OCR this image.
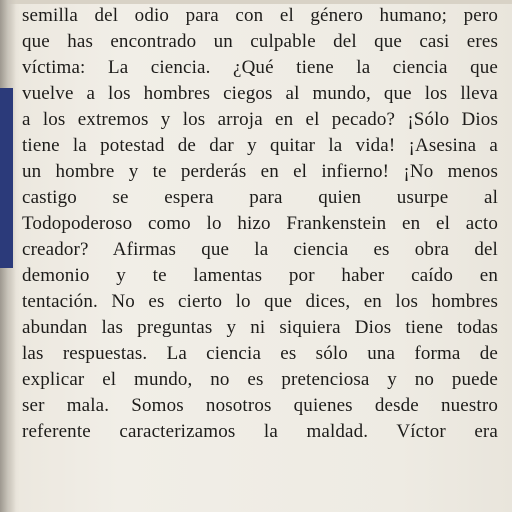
semilla del odio para con el género humano; pero
que has encontrado un culpable del que casi eres
víctima: La ciencia. ¿Qué tiene la ciencia que
vuelve a los hombres ciegos al mundo, que los lleva
a los extremos y los arroja en el pecado? ¡Sólo Dios
tiene la potestad de dar y quitar la vida! ¡Asesina a
un hombre y te perderás en el infierno! ¡No menos
castigo se espera para quien usurpe al
Todopoderoso como lo hizo Frankenstein en el acto
creador? Afirmas que la ciencia es obra del
demonio y te lamentas por haber caído en
tentación. No es cierto lo que dices, en los hombres
abundan las preguntas y ni siquiera Dios tiene todas
las respuestas. La ciencia es sólo una forma de
explicar el mundo, no es pretenciosa y no puede
ser mala. Somos nosotros quienes desde nuestro
referente caracterizamos la maldad. Víctor era
